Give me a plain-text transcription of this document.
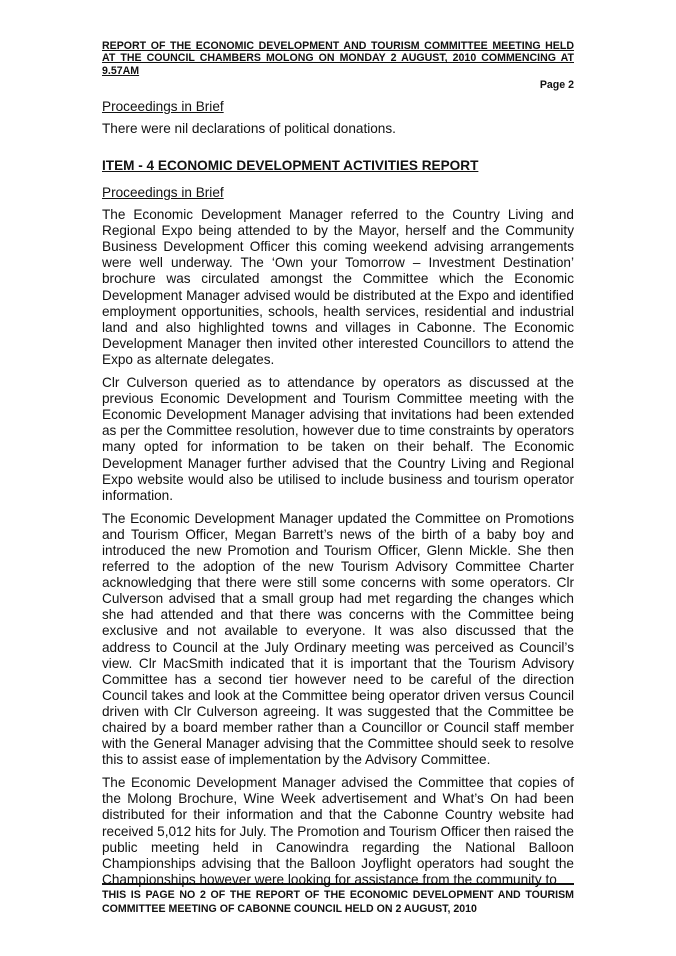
REPORT OF THE ECONOMIC DEVELOPMENT AND TOURISM COMMITTEE MEETING HELD AT THE COUNCIL CHAMBERS MOLONG ON MONDAY 2 AUGUST, 2010 COMMENCING AT 9.57AM
Page 2
Proceedings in Brief

There were nil declarations of political donations.

ITEM - 4 ECONOMIC DEVELOPMENT ACTIVITIES REPORT
Proceedings in Brief

The Economic Development Manager referred to the Country Living and Regional Expo being attended to by the Mayor, herself and the Community Business Development Officer this coming weekend advising arrangements were well underway. The ‘Own your Tomorrow – Investment Destination’ brochure was circulated amongst the Committee which the Economic Development Manager advised would be distributed at the Expo and identified employment opportunities, schools, health services, residential and industrial land and also highlighted towns and villages in Cabonne. The Economic Development Manager then invited other interested Councillors to attend the Expo as alternate delegates.

Clr Culverson queried as to attendance by operators as discussed at the previous Economic Development and Tourism Committee meeting with the Economic Development Manager advising that invitations had been extended as per the Committee resolution, however due to time constraints by operators many opted for information to be taken on their behalf. The Economic Development Manager further advised that the Country Living and Regional Expo website would also be utilised to include business and tourism operator information.

The Economic Development Manager updated the Committee on Promotions and Tourism Officer, Megan Barrett’s news of the birth of a baby boy and introduced the new Promotion and Tourism Officer, Glenn Mickle. She then referred to the adoption of the new Tourism Advisory Committee Charter acknowledging that there were still some concerns with some operators. Clr Culverson advised that a small group had met regarding the changes which she had attended and that there was concerns with the Committee being exclusive and not available to everyone. It was also discussed that the address to Council at the July Ordinary meeting was perceived as Council’s view. Clr MacSmith indicated that it is important that the Tourism Advisory Committee has a second tier however need to be careful of the direction Council takes and look at the Committee being operator driven versus Council driven with Clr Culverson agreeing. It was suggested that the Committee be chaired by a board member rather than a Councillor or Council staff member with the General Manager advising that the Committee should seek to resolve this to assist ease of implementation by the Advisory Committee.

The Economic Development Manager advised the Committee that copies of the Molong Brochure, Wine Week advertisement and What’s On had been distributed for their information and that the Cabonne Country website had received 5,012 hits for July. The Promotion and Tourism Officer then raised the public meeting held in Canowindra regarding the National Balloon Championships advising that the Balloon Joyflight operators had sought the Championships however were looking for assistance from the community to

THIS IS PAGE NO 2 OF THE REPORT OF THE ECONOMIC DEVELOPMENT AND TOURISM COMMITTEE MEETING OF CABONNE COUNCIL HELD ON 2 AUGUST, 2010
